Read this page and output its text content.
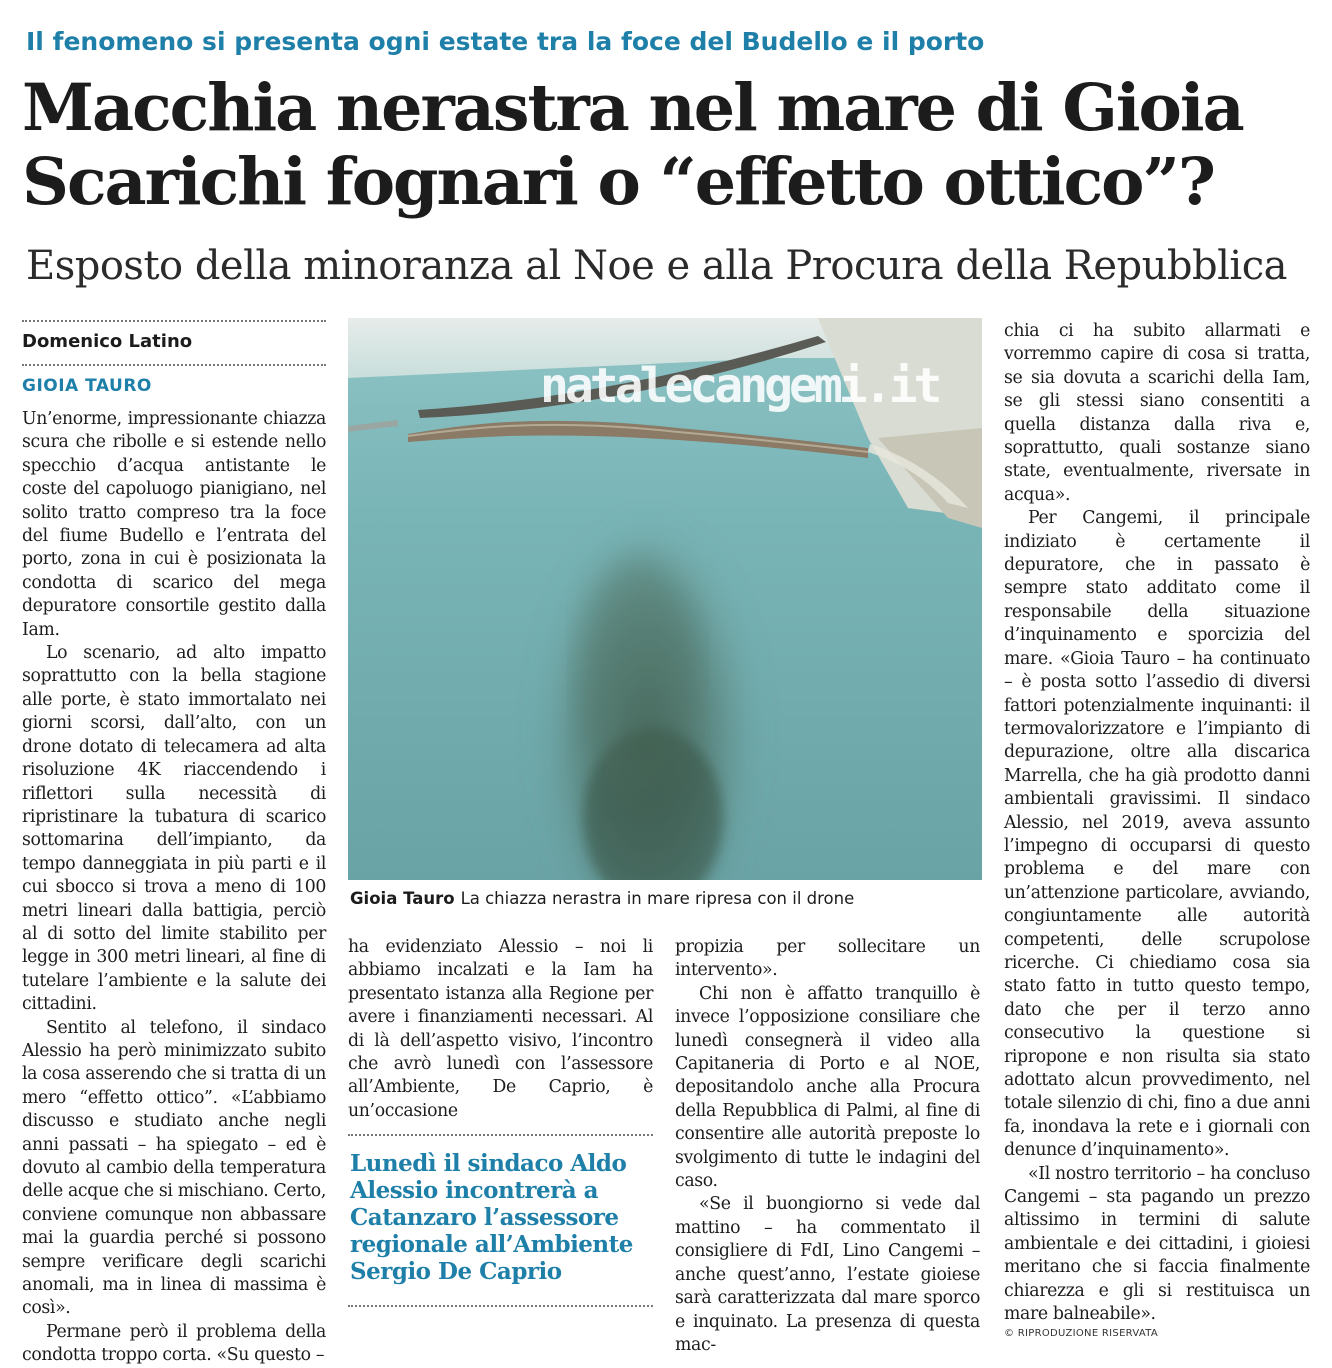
Il fenomeno si presenta ogni estate tra la foce del Budello e il porto
Macchia nerastra nel mare di Gioia
Scarichi fognari o “effetto ottico”?
Esposto della minoranza al Noe e alla Procura della Repubblica
Domenico Latino
GIOIA TAURO

Un’enorme, impressionante chiazza scura che ribolle e si estende nello specchio d’acqua antistante le coste del capoluogo pianigiano, nel solito tratto compreso tra la foce del fiume Budello e l’entrata del porto, zona in cui è posizionata la condotta di scarico del mega depuratore consortile gestito dalla Iam.

Lo scenario, ad alto impatto soprattutto con la bella stagione alle porte, è stato immortalato nei giorni scorsi, dall’alto, con un drone dotato di telecamera ad alta risoluzione 4K riaccendendo i riflettori sulla necessità di ripristinare la tubatura di scarico sottomarina dell’impianto, da tempo danneggiata in più parti e il cui sbocco si trova a meno di 100 metri lineari dalla battigia, perciò al di sotto del limite stabilito per legge in 300 metri lineari, al fine di tutelare l’ambiente e la salute dei cittadini.

Sentito al telefono, il sindaco Alessio ha però minimizzato subito la cosa asserendo che si tratta di un mero “effetto ottico”. «L’abbiamo discusso e studiato anche negli anni passati – ha spiegato – ed è dovuto al cambio della temperatura delle acque che si mischiano. Certo, conviene comunque non abbassare mai la guardia perché si possono sempre verificare degli scarichi anomali, ma in linea di massima è così».

Permane però il problema della condotta troppo corta. «Su questo –

natalecangemi.it
Gioia Tauro La chiazza nerastra in mare ripresa con il drone

ha evidenziato Alessio – noi li abbiamo incalzati e la Iam ha presentato istanza alla Regione per avere i finanziamenti necessari. Al di là dell’aspetto visivo, l’incontro che avrò lunedì con l’assessore all’Ambiente, De Caprio, è un’occasione

Lunedì il sindaco Aldo Alessio incontrerà a Catanzaro l’assessore regionale all’Ambiente Sergio De Caprio

propizia per sollecitare un intervento».

Chi non è affatto tranquillo è invece l’opposizione consiliare che lunedì consegnerà il video alla Capitaneria di Porto e al NOE, depositandolo anche alla Procura della Repubblica di Palmi, al fine di consentire alle autorità preposte lo svolgimento di tutte le indagini del caso.

«Se il buongiorno si vede dal mattino – ha commentato il consigliere di FdI, Lino Cangemi – anche quest’anno, l’estate gioiese sarà caratterizzata dal mare sporco e inquinato. La presenza di questa mac-

chia ci ha subito allarmati e vorremmo capire di cosa si tratta, se sia dovuta a scarichi della Iam, se gli stessi siano consentiti a quella distanza dalla riva e, soprattutto, quali sostanze siano state, eventualmente, riversate in acqua».

Per Cangemi, il principale indiziato è certamente il depuratore, che in passato è sempre stato additato come il responsabile della situazione d’inquinamento e sporcizia del mare. «Gioia Tauro – ha continuato – è posta sotto l’assedio di diversi fattori potenzialmente inquinanti: il termovalorizzatore e l’impianto di depurazione, oltre alla discarica Marrella, che ha già prodotto danni ambientali gravissimi. Il sindaco Alessio, nel 2019, aveva assunto l’impegno di occuparsi di questo problema e del mare con un’attenzione particolare, avviando, congiuntamente alle autorità competenti, delle scrupolose ricerche. Ci chiediamo cosa sia stato fatto in tutto questo tempo, dato che per il terzo anno consecutivo la questione si ripropone e non risulta sia stato adottato alcun provvedimento, nel totale silenzio di chi, fino a due anni fa, inondava la rete e i giornali con denunce d’inquinamento».

«Il nostro territorio – ha concluso Cangemi – sta pagando un prezzo altissimo in termini di salute ambientale e dei cittadini, i gioiesi meritano che si faccia finalmente chiarezza e gli si restituisca un mare balneabile».

© RIPRODUZIONE RISERVATA
